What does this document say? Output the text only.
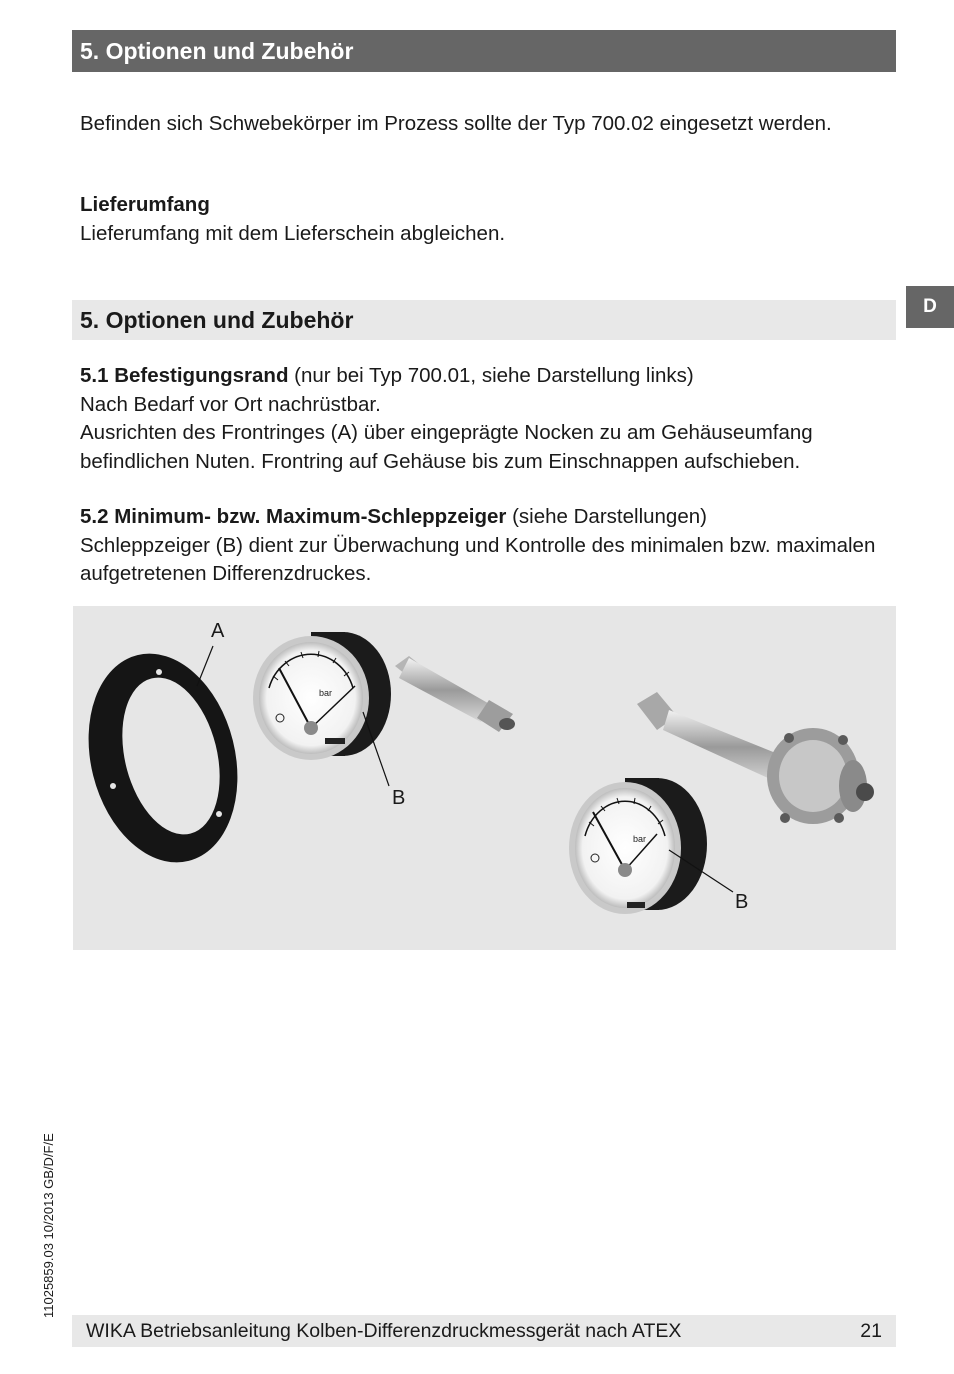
5. Optionen und Zubehör
Befinden sich Schwebekörper im Prozess sollte der Typ 700.02 eingesetzt werden.
Lieferumfang
Lieferumfang mit dem Lieferschein abgleichen.
D
5. Optionen und Zubehör
5.1 Befestigungsrand (nur bei Typ 700.01, siehe Darstellung links)
Nach Bedarf vor Ort nachrüstbar.
Ausrichten des Frontringes (A) über eingeprägte Nocken zu am Gehäuseumfang befindlichen Nuten. Frontring auf Gehäuse bis zum Einschnappen aufschieben.
5.2 Minimum- bzw. Maximum-Schleppzeiger (siehe Darstellungen)
Schleppzeiger (B) dient zur Überwachung und Kontrolle des minimalen bzw. maximalen aufgetretenen Differenzdruckes.
bar
bar
A
B
B
11025859.03 10/2013 GB/D/F/E
WIKA Betriebsanleitung Kolben-Differenzdruckmessgerät nach ATEX	21
